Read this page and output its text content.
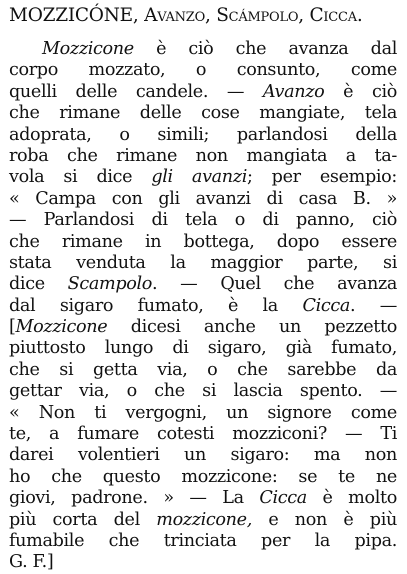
MOZZICÓNE, Avanzo, Scámpolo, Cicca.
Mozzicone è ciò che avanza dal
corpo mozzato, o consunto, come
quelli delle candele. — Avanzo è ciò
che rimane delle cose mangiate, tela
adoprata, o simili; parlandosi della
roba che rimane non mangiata a ta-
vola si dice gli avanzi; per esempio:
« Campa con gli avanzi di casa B. »
— Parlandosi di tela o di panno, ciò
che rimane in bottega, dopo essere
stata venduta la maggior parte, si
dice Scampolo. — Quel che avanza
dal sigaro fumato, è la Cicca. —
[Mozzicone dicesi anche un pezzetto
piuttosto lungo di sigaro, già fumato,
che si getta via, o che sarebbe da
gettar via, o che si lascia spento. —
« Non ti vergogni, un signore come
te, a fumare cotesti mozziconi? — Ti
darei volentieri un sigaro: ma non
ho che questo mozzicone: se te ne
giovi, padrone. » — La Cicca è molto
più corta del mozzicone, e non è più
fumabile che trinciata per la pipa.
G. F.]
